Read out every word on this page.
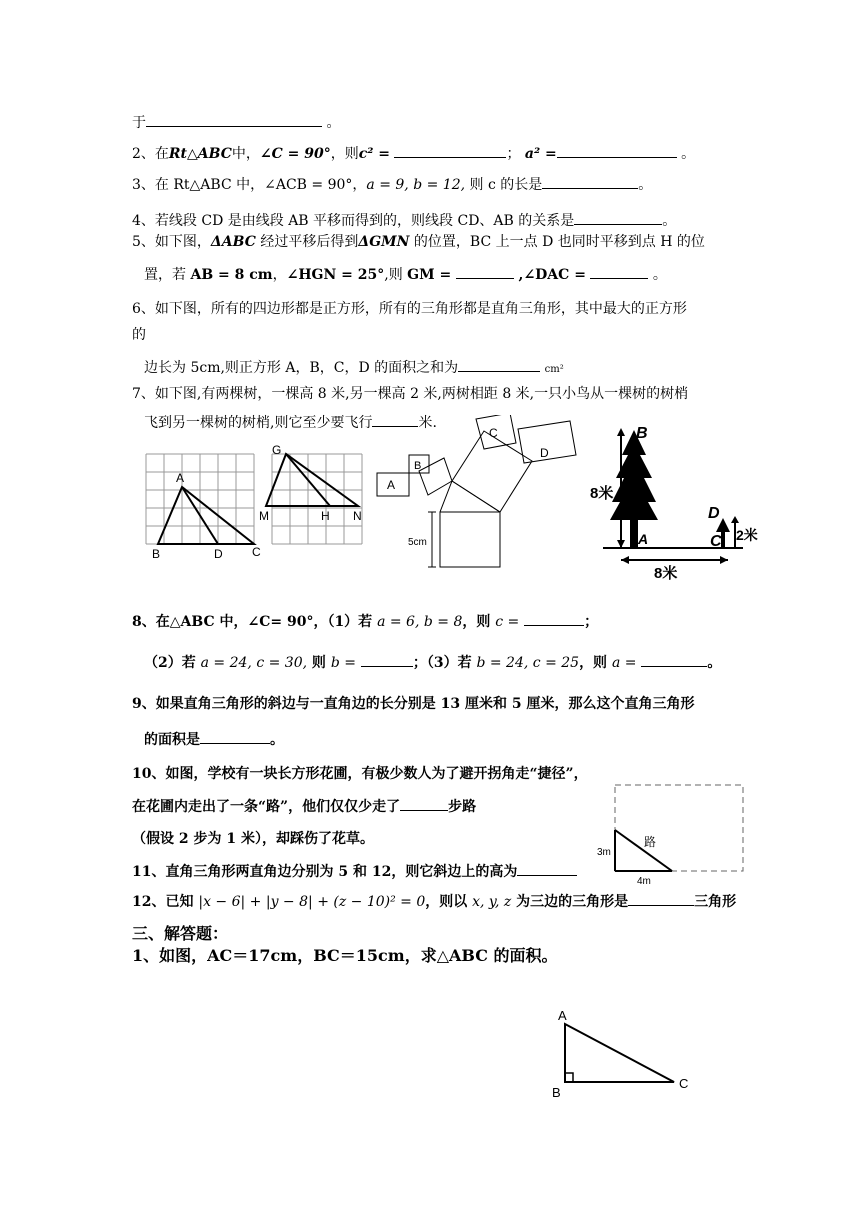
于	。
2、在Rt△ABC中，∠C = 90°，则c² =	； a² =	。
3、在 Rt△ABC 中，∠ACB = 90°，a = 9, b = 12, 则 c 的长是	。
4、若线段 CD 是由线段 AB 平移而得到的，则线段 CD、AB 的关系是	。
5、如下图，ΔABC 经过平移后得到ΔGMN 的位置，BC 上一点 D 也同时平移到点 H 的位
置，若 AB = 8 cm，∠HGN = 25°,则 GM =	,∠DAC =	。
6、如下图，所有的四边形都是正方形，所有的三角形都是直角三角形，其中最大的正方形
的
边长为 5cm,则正方形 A，B，C，D 的面积之和为	cm²
7、如下图,有两棵树，一棵高 8 米,另一棵高 2 米,两树相距 8 米,一只小鸟从一棵树的树梢
飞到另一棵树的树梢,则它至少要飞行	米.
A
B	D C
G
M	H N
A
B
C
D
5cm
B
A
D
C
8米
2米
8米
8、在△ABC 中，∠C= 90°，（1）若 a = 6, b = 8，则 c =	；
（2）若 a = 24, c = 30, 则 b =	；（3）若 b = 24, c = 25，则 a =	。
9、如果直角三角形的斜边与一直角边的长分别是 13 厘米和 5 厘米，那么这个直角三角形
的面积是	。
10、如图，学校有一块长方形花圃，有极少数人为了避开拐角走“捷径”，
在花圃内走出了一条“路”，他们仅仅少走了	步路
（假设 2 步为 1 米），却踩伤了花草。	路
3m
4m
11、直角三角形两直角边分别为 5 和 12，则它斜边上的高为
12、已知 |x − 6| + |y − 8| + (z − 10)² = 0，则以 x, y, z 为三边的三角形是	三角形
三、解答题：
1、如图，AC＝17cm，BC＝15cm，求△ABC 的面积。
A
B
C
